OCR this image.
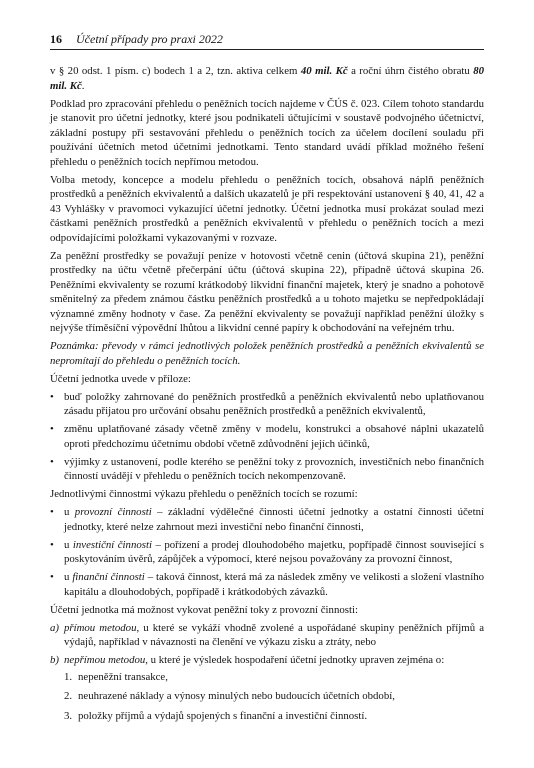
16 Účetní případy pro praxi 2022

v § 20 odst. 1 písm. c) bodech 1 a 2, tzn. aktiva celkem 40 mil. Kč a roční úhrn čistého obratu 80 mil. Kč.

Podklad pro zpracování přehledu o peněžních tocích najdeme v ČÚS č. 023. Cílem tohoto standardu je stanovit pro účetní jednotky, které jsou podnikateli účtujícími v soustavě podvojného účetnictví, základní postupy při sestavování přehledu o peněžních tocích za účelem docílení souladu při používání účetních metod účetními jednotkami. Tento standard uvádí příklad možného řešení přehledu o peněžních tocích nepřímou metodou.

Volba metody, koncepce a modelu přehledu o peněžních tocích, obsahová náplň peněžních prostředků a peněžních ekvivalentů a dalších ukazatelů je při respektování ustanovení § 40, 41, 42 a 43 Vyhlášky v pravomoci vykazující účetní jednotky. Účetní jednotka musí prokázat soulad mezi částkami peněžních prostředků a peněžních ekvivalentů v přehledu o peněžních tocích a mezi odpovídajícími položkami vykazovanými v rozvaze.

Za peněžní prostředky se považují peníze v hotovosti včetně cenin (účtová skupina 21), peněžní prostředky na účtu včetně přečerpání účtu (účtová skupina 22), případně účtová skupina 26. Peněžními ekvivalenty se rozumí krátkodobý likvidní finanční majetek, který je snadno a pohotově směnitelný za předem známou částku peněžních prostředků a u tohoto majetku se nepředpokládají významné změny hodnoty v čase. Za peněžní ekvivalenty se považují například peněžní úložky s nejvýše tříměsíční výpovědní lhůtou a likvidní cenné papíry k obchodování na veřejném trhu.

Poznámka: převody v rámci jednotlivých položek peněžních prostředků a peněžních ekvivalentů se nepromítají do přehledu o peněžních tocích.

Účetní jednotka uvede v příloze:

• buď položky zahrnované do peněžních prostředků a peněžních ekvivalentů nebo uplatňovanou zásadu přijatou pro určování obsahu peněžních prostředků a peněžních ekvivalentů,
• změnu uplatňované zásady včetně změny v modelu, konstrukci a obsahové náplni ukazatelů oproti předchozímu účetnímu období včetně zdůvodnění jejích účinků,
• výjimky z ustanovení, podle kterého se peněžní toky z provozních, investičních nebo finančních činností uvádějí v přehledu o peněžních tocích nekompenzovaně.

Jednotlivými činnostmi výkazu přehledu o peněžních tocích se rozumí:

• u provozní činnosti – základní výdělečné činnosti účetní jednotky a ostatní činnosti účetní jednotky, které nelze zahrnout mezi investiční nebo finanční činnosti,
• u investiční činnosti – pořízení a prodej dlouhodobého majetku, popřípadě činnost související s poskytováním úvěrů, zápůjček a výpomocí, které nejsou považovány za provozní činnost,
• u finanční činnosti – taková činnost, která má za následek změny ve velikosti a složení vlastního kapitálu a dlouhodobých, popřípadě i krátkodobých závazků.

Účetní jednotka má možnost vykovat peněžní toky z provozní činnosti:

a) přímou metodou, u které se vykáží vhodně zvolené a uspořádané skupiny peněžních příjmů a výdajů, například v návaznosti na členění ve výkazu zisku a ztráty, nebo
b) nepřímou metodou, u které je výsledek hospodaření účetní jednotky upraven zejména o:
1. nepeněžní transakce,
2. neuhrazené náklady a výnosy minulých nebo budoucích účetních období,
3. položky příjmů a výdajů spojených s finanční a investiční činností.
